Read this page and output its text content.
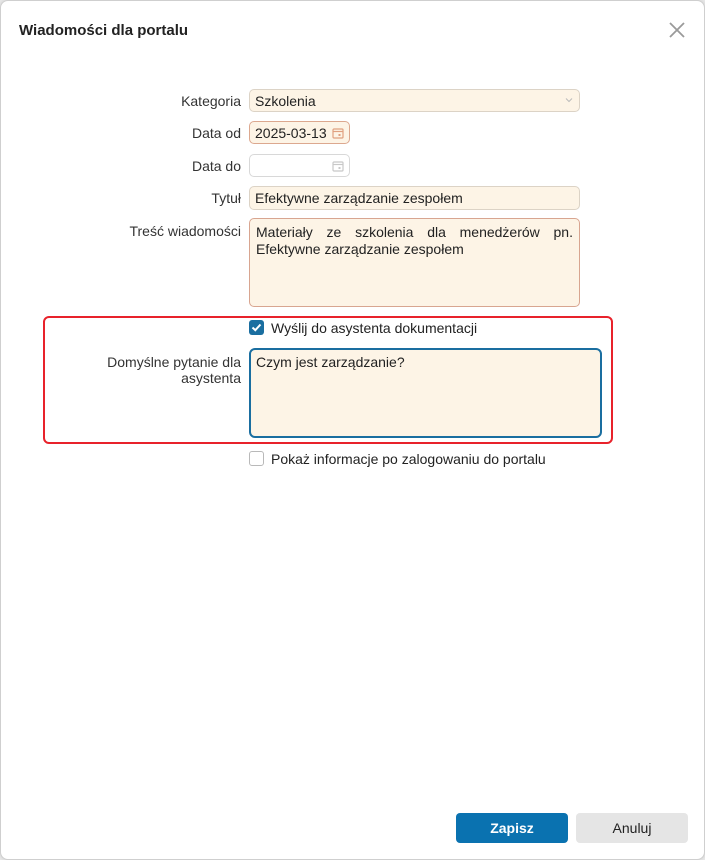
Wiadomości dla portalu
Kategoria Szkolenia
Data od 2025-03-13
Data do
Tytuł Efektywne zarządzanie zespołem
Treść wiadomości	Materiały ze szkolenia dla menedżerów pn. Efektywne zarządzanie zespołem
Wyślij do asystenta dokumentacji
Domyślne pytanie dla asystenta
Czym jest zarządzanie?
Pokaż informacje po zalogowaniu do portalu
Zapisz	Anuluj
